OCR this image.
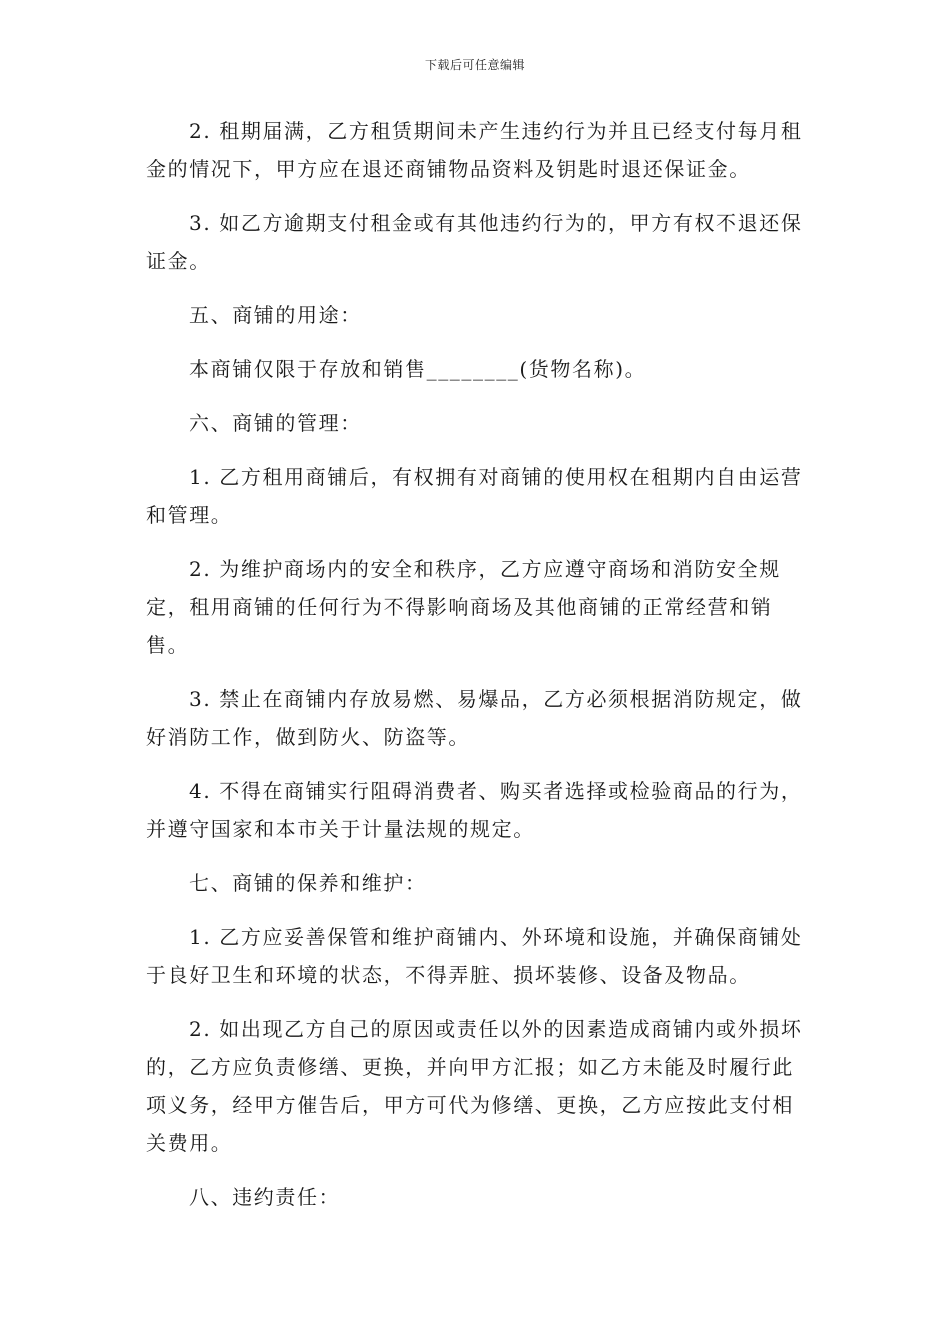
下载后可任意编辑

2. 租期届满，乙方租赁期间未产生违约行为并且已经支付每月租金的情况下，甲方应在退还商铺物品资料及钥匙时退还保证金。

3. 如乙方逾期支付租金或有其他违约行为的，甲方有权不退还保证金。

五、商铺的用途：

本商铺仅限于存放和销售________(货物名称)。

六、商铺的管理：

1. 乙方租用商铺后，有权拥有对商铺的使用权在租期内自由运营和管理。

2. 为维护商场内的安全和秩序，乙方应遵守商场和消防安全规定，租用商铺的任何行为不得影响商场及其他商铺的正常经营和销售。

3. 禁止在商铺内存放易燃、易爆品，乙方必须根据消防规定，做好消防工作，做到防火、防盗等。

4. 不得在商铺实行阻碍消费者、购买者选择或检验商品的行为，并遵守国家和本市关于计量法规的规定。

七、商铺的保养和维护：

1. 乙方应妥善保管和维护商铺内、外环境和设施，并确保商铺处于良好卫生和环境的状态，不得弄脏、损坏装修、设备及物品。

2. 如出现乙方自己的原因或责任以外的因素造成商铺内或外损坏的，乙方应负责修缮、更换，并向甲方汇报；如乙方未能及时履行此项义务，经甲方催告后，甲方可代为修缮、更换，乙方应按此支付相关费用。

八、违约责任：
